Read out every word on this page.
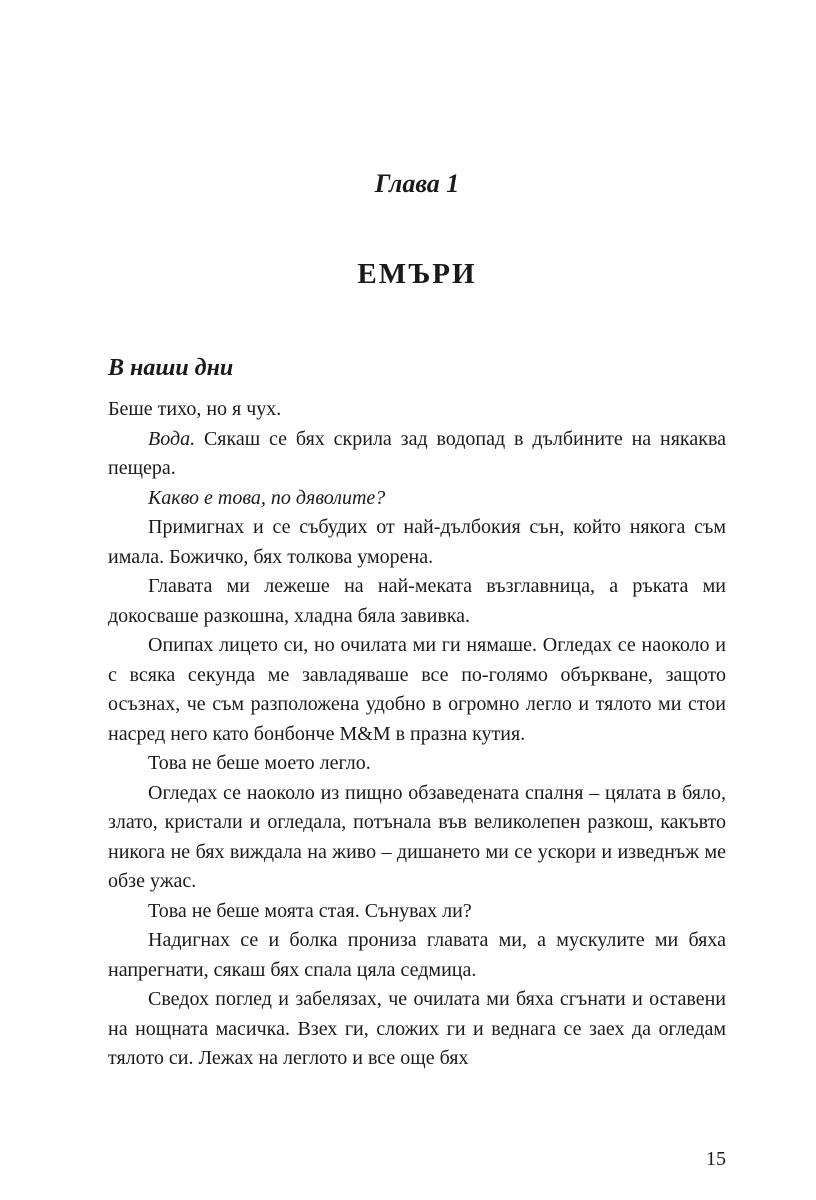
Глава 1
ЕМЪРИ
В наши дни

Беше тихо, но я чух.

Вода. Сякаш се бях скрила зад водопад в дълбините на някаква пещера.

Какво е това, по дяволите?

Примигнах и се събудих от най-дълбокия сън, който някога съм имала. Божичко, бях толкова уморена.

Главата ми лежеше на най-меката възглавница, а ръката ми докосваше разкошна, хладна бяла завивка.

Опипах лицето си, но очилата ми ги нямаше. Огледах се наоколо и с всяка секунда ме завладяваше все по-голямо объркване, защото осъзнах, че съм разположена удобно в огромно легло и тялото ми стои насред него като бонбонче M&M в празна кутия.

Това не беше моето легло.

Огледах се наоколо из пищно обзаведената спалня – цялата в бяло, злато, кристали и огледала, потънала във великолепен разкош, какъвто никога не бях виждала на живо – дишането ми се ускори и изведнъж ме обзе ужас.

Това не беше моята стая. Сънувах ли?

Надигнах се и болка прониза главата ми, а мускулите ми бяха напрегнати, сякаш бях спала цяла седмица.

Сведох поглед и забелязах, че очилата ми бяха сгънати и оставени на нощната масичка. Взех ги, сложих ги и веднага се заех да огледам тялото си. Лежах на леглото и все още бях

15
